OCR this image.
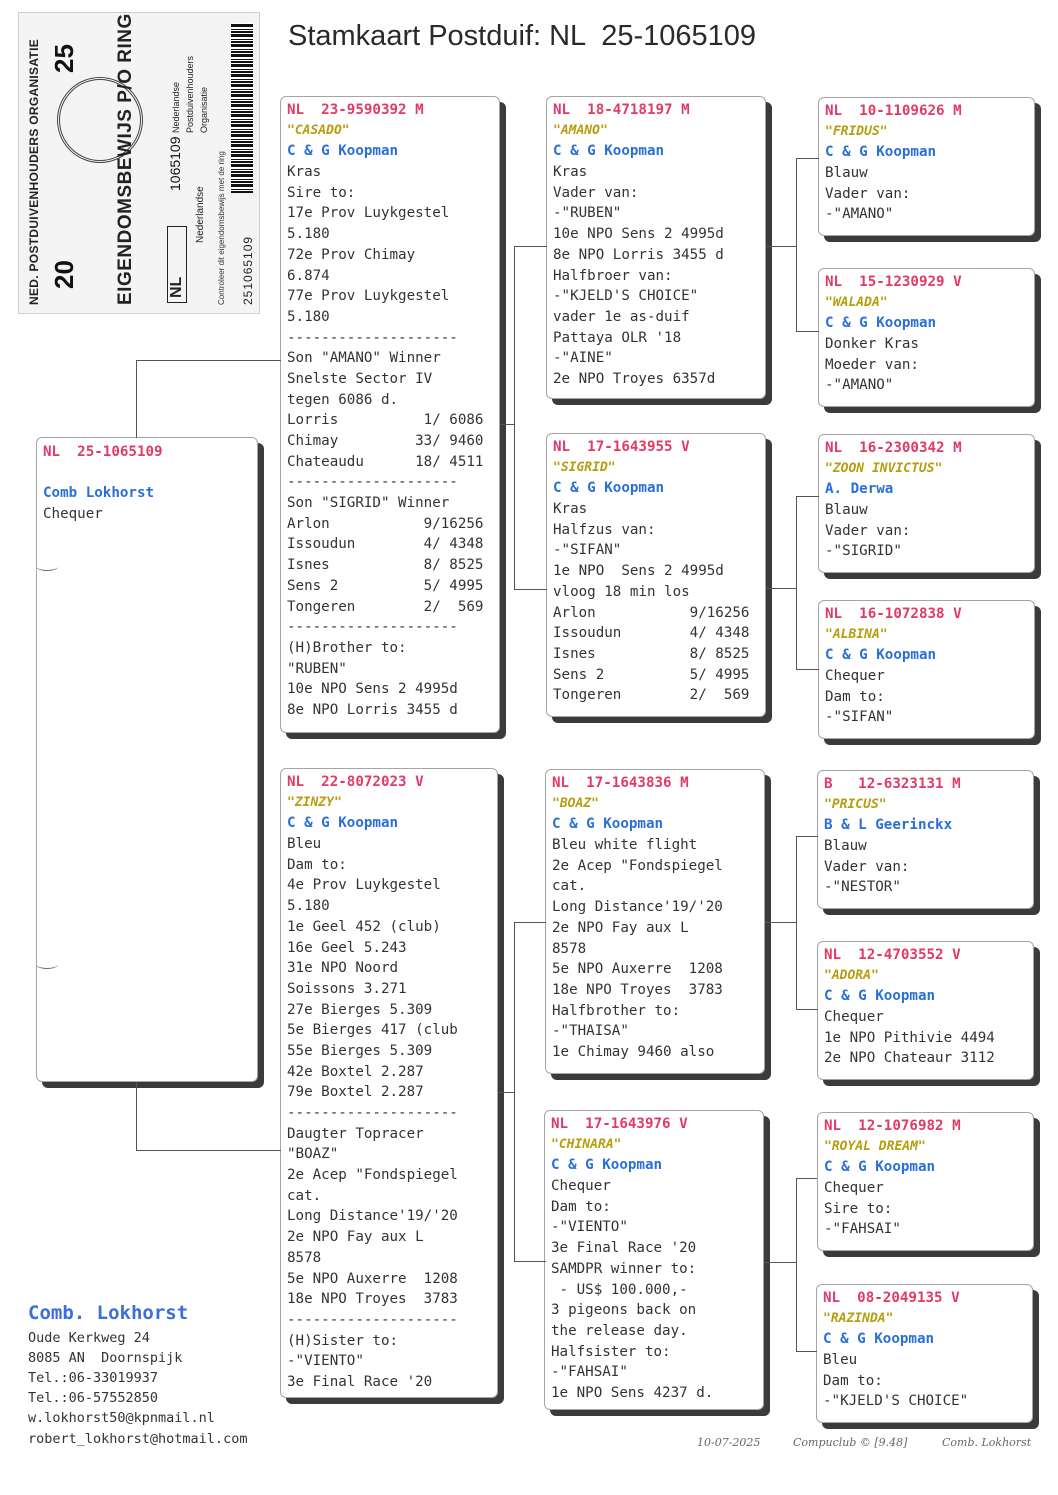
Stamkaart Postduif: NL  25-1065109
NED. POSTDUIVENHOUDERS ORGANISATIE 20
25 EIGENDOMSBEWIJS P/O RING NL
1065109
Nederlandse
Nederlandse Postduivenhouders Organisatie
Controleer dit eigendomsbewijs met de ring 251065109
NL  25-1065109
Comb Lokhorst
Chequer
NL  23-9590392 M
"CASADO"
C & G Koopman
Kras
Sire to:
17e Prov Luykgestel
5.180
72e Prov Chimay
6.874
77e Prov Luykgestel
5.180
--------------------
Son "AMANO" Winner
Snelste Sector IV
tegen 6086 d.
Lorris          1/ 6086
Chimay         33/ 9460
Chateaudu      18/ 4511
--------------------
Son "SIGRID" Winner
Arlon           9/16256
Issoudun        4/ 4348
Isnes           8/ 8525
Sens 2          5/ 4995
Tongeren        2/  569
--------------------
(H)Brother to:
"RUBEN"
10e NPO Sens 2 4995d
8e NPO Lorris 3455 d
NL  22-8072023 V
"ZINZY"
C & G Koopman
Bleu
Dam to:
4e Prov Luykgestel
5.180
1e Geel 452 (club)
16e Geel 5.243
31e NPO Noord
Soissons 3.271
27e Bierges 5.309
5e Bierges 417 (club
55e Bierges 5.309
42e Boxtel 2.287
79e Boxtel 2.287
--------------------
Daugter Topracer
"BOAZ"
2e Acep "Fondspiegel
cat.
Long Distance'19/'20
2e NPO Fay aux L
8578
5e NPO Auxerre  1208
18e NPO Troyes  3783
--------------------
(H)Sister to:
-"VIENTO"
3e Final Race '20
NL  18-4718197 M
"AMANO"
C & G Koopman
Kras
Vader van:
-"RUBEN"
10e NPO Sens 2 4995d
8e NPO Lorris 3455 d
Halfbroer van:
-"KJELD'S CHOICE"
vader 1e as-duif
Pattaya OLR '18
-"AINE"
2e NPO Troyes 6357d
NL  17-1643955 V
"SIGRID"
C & G Koopman
Kras
Halfzus van:
-"SIFAN"
1e NPO  Sens 2 4995d
vloog 18 min los
Arlon           9/16256
Issoudun        4/ 4348
Isnes           8/ 8525
Sens 2          5/ 4995
Tongeren        2/  569
NL  17-1643836 M
"BOAZ"
C & G Koopman
Bleu white flight
2e Acep "Fondspiegel
cat.
Long Distance'19/'20
2e NPO Fay aux L
8578
5e NPO Auxerre  1208
18e NPO Troyes  3783
Halfbrother to:
-"THAISA"
1e Chimay 9460 also
NL  17-1643976 V
"CHINARA"
C & G Koopman
Chequer
Dam to:
-"VIENTO"
3e Final Race '20
SAMDPR winner to:
- US$ 100.000,-
3 pigeons back on
the release day.
Halfsister to:
-"FAHSAI"
1e NPO Sens 4237 d.
NL  10-1109626 M
"FRIDUS"
C & G Koopman
Blauw
Vader van:
-"AMANO"
NL  15-1230929 V
"WALADA"
C & G Koopman
Donker Kras
Moeder van:
-"AMANO"
NL  16-2300342 M
"ZOON INVICTUS"
A. Derwa
Blauw
Vader van:
-"SIGRID"
NL  16-1072838 V
"ALBINA"
C & G Koopman
Chequer
Dam to:
-"SIFAN"
B   12-6323131 M
"PRICUS"
B & L Geerinckx
Blauw
Vader van:
-"NESTOR"
NL  12-4703552 V
"ADORA"
C & G Koopman
Chequer
1e NPO Pithivie 4494
2e NPO Chateaur 3112
NL  12-1076982 M
"ROYAL DREAM"
C & G Koopman
Chequer
Sire to:
-"FAHSAI"
NL  08-2049135 V
"RAZINDA"
C & G Koopman
Bleu
Dam to:
-"KJELD'S CHOICE"
Comb. Lokhorst
Oude Kerkweg 24
8085 AN  Doornspijk
Tel.:06-33019937
Tel.:06-57552850
w.lokhorst50@kpnmail.nl
robert_lokhorst@hotmail.com	10-07-2025	Compuclub © [9.48]	Comb. Lokhorst
